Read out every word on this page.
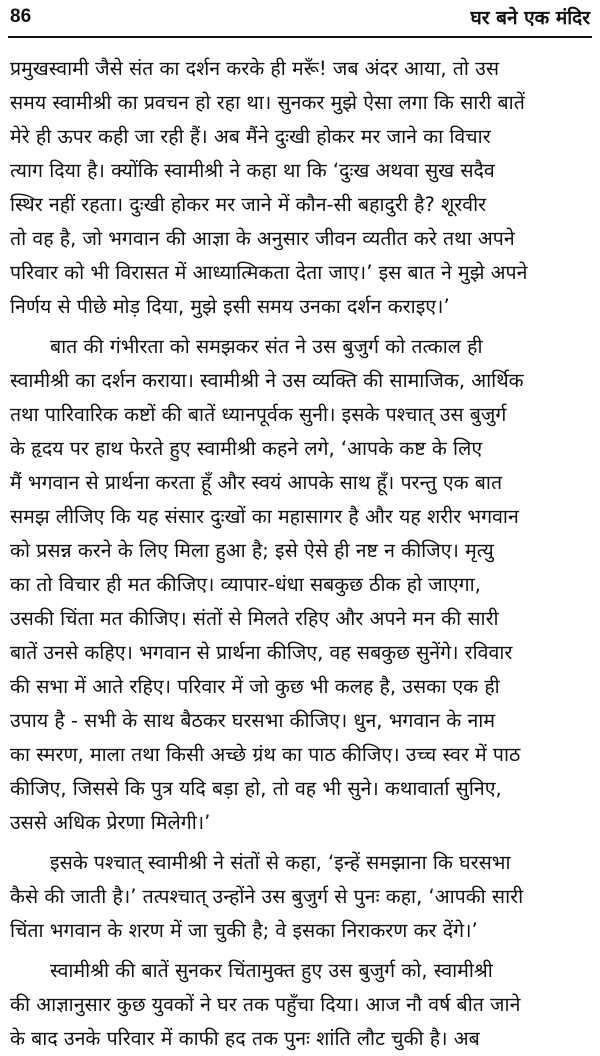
86	घर बने एक मंदिर
प्रमुखस्वामी जैसे संत का दर्शन करके ही मरूँ! जब अंदर आया, तो उस
समय स्वामीश्री का प्रवचन हो रहा था। सुनकर मुझे ऐसा लगा कि सारी बातें
मेरे ही ऊपर कही जा रही हैं। अब मैंने दुःखी होकर मर जाने का विचार
त्याग दिया है। क्योंकि स्वामीश्री ने कहा था कि ‘दुःख अथवा सुख सदैव
स्थिर नहीं रहता। दुःखी होकर मर जाने में कौन-सी बहादुरी है? शूरवीर
तो वह है, जो भगवान की आज्ञा के अनुसार जीवन व्यतीत करे तथा अपने
परिवार को भी विरासत में आध्यात्मिकता देता जाए।’ इस बात ने मुझे अपने
निर्णय से पीछे मोड़ दिया, मुझे इसी समय उनका दर्शन कराइए।’
बात की गंभीरता को समझकर संत ने उस बुजुर्ग को तत्काल ही
स्वामीश्री का दर्शन कराया। स्वामीश्री ने उस व्यक्ति की सामाजिक, आर्थिक
तथा पारिवारिक कष्टों की बातें ध्यानपूर्वक सुनी। इसके पश्चात् उस बुजुर्ग
के हृदय पर हाथ फेरते हुए स्वामीश्री कहने लगे, ‘आपके कष्ट के लिए
मैं भगवान से प्रार्थना करता हूँ और स्वयं आपके साथ हूँ। परन्तु एक बात
समझ लीजिए कि यह संसार दुःखों का महासागर है और यह शरीर भगवान
को प्रसन्न करने के लिए मिला हुआ है; इसे ऐसे ही नष्ट न कीजिए। मृत्यु
का तो विचार ही मत कीजिए। व्यापार-धंधा सबकुछ ठीक हो जाएगा,
उसकी चिंता मत कीजिए। संतों से मिलते रहिए और अपने मन की सारी
बातें उनसे कहिए। भगवान से प्रार्थना कीजिए, वह सबकुछ सुनेंगे। रविवार
की सभा में आते रहिए। परिवार में जो कुछ भी कलह है, उसका एक ही
उपाय है - सभी के साथ बैठकर घरसभा कीजिए। धुन, भगवान के नाम
का स्मरण, माला तथा किसी अच्छे ग्रंथ का पाठ कीजिए। उच्च स्वर में पाठ
कीजिए, जिससे कि पुत्र यदि बड़ा हो, तो वह भी सुने। कथावार्ता सुनिए,
उससे अधिक प्रेरणा मिलेगी।’
इसके पश्चात् स्वामीश्री ने संतों से कहा, ‘इन्हें समझाना कि घरसभा
कैसे की जाती है।’ तत्पश्चात् उन्होंने उस बुजुर्ग से पुनः कहा, ‘आपकी सारी
चिंता भगवान के शरण में जा चुकी है; वे इसका निराकरण कर देंगे।’
स्वामीश्री की बातें सुनकर चिंतामुक्त हुए उस बुजुर्ग को, स्वामीश्री
की आज्ञानुसार कुछ युवकों ने घर तक पहुँचा दिया। आज नौ वर्ष बीत जाने
के बाद उनके परिवार में काफी हद तक पुनः शांति लौट चुकी है। अब
